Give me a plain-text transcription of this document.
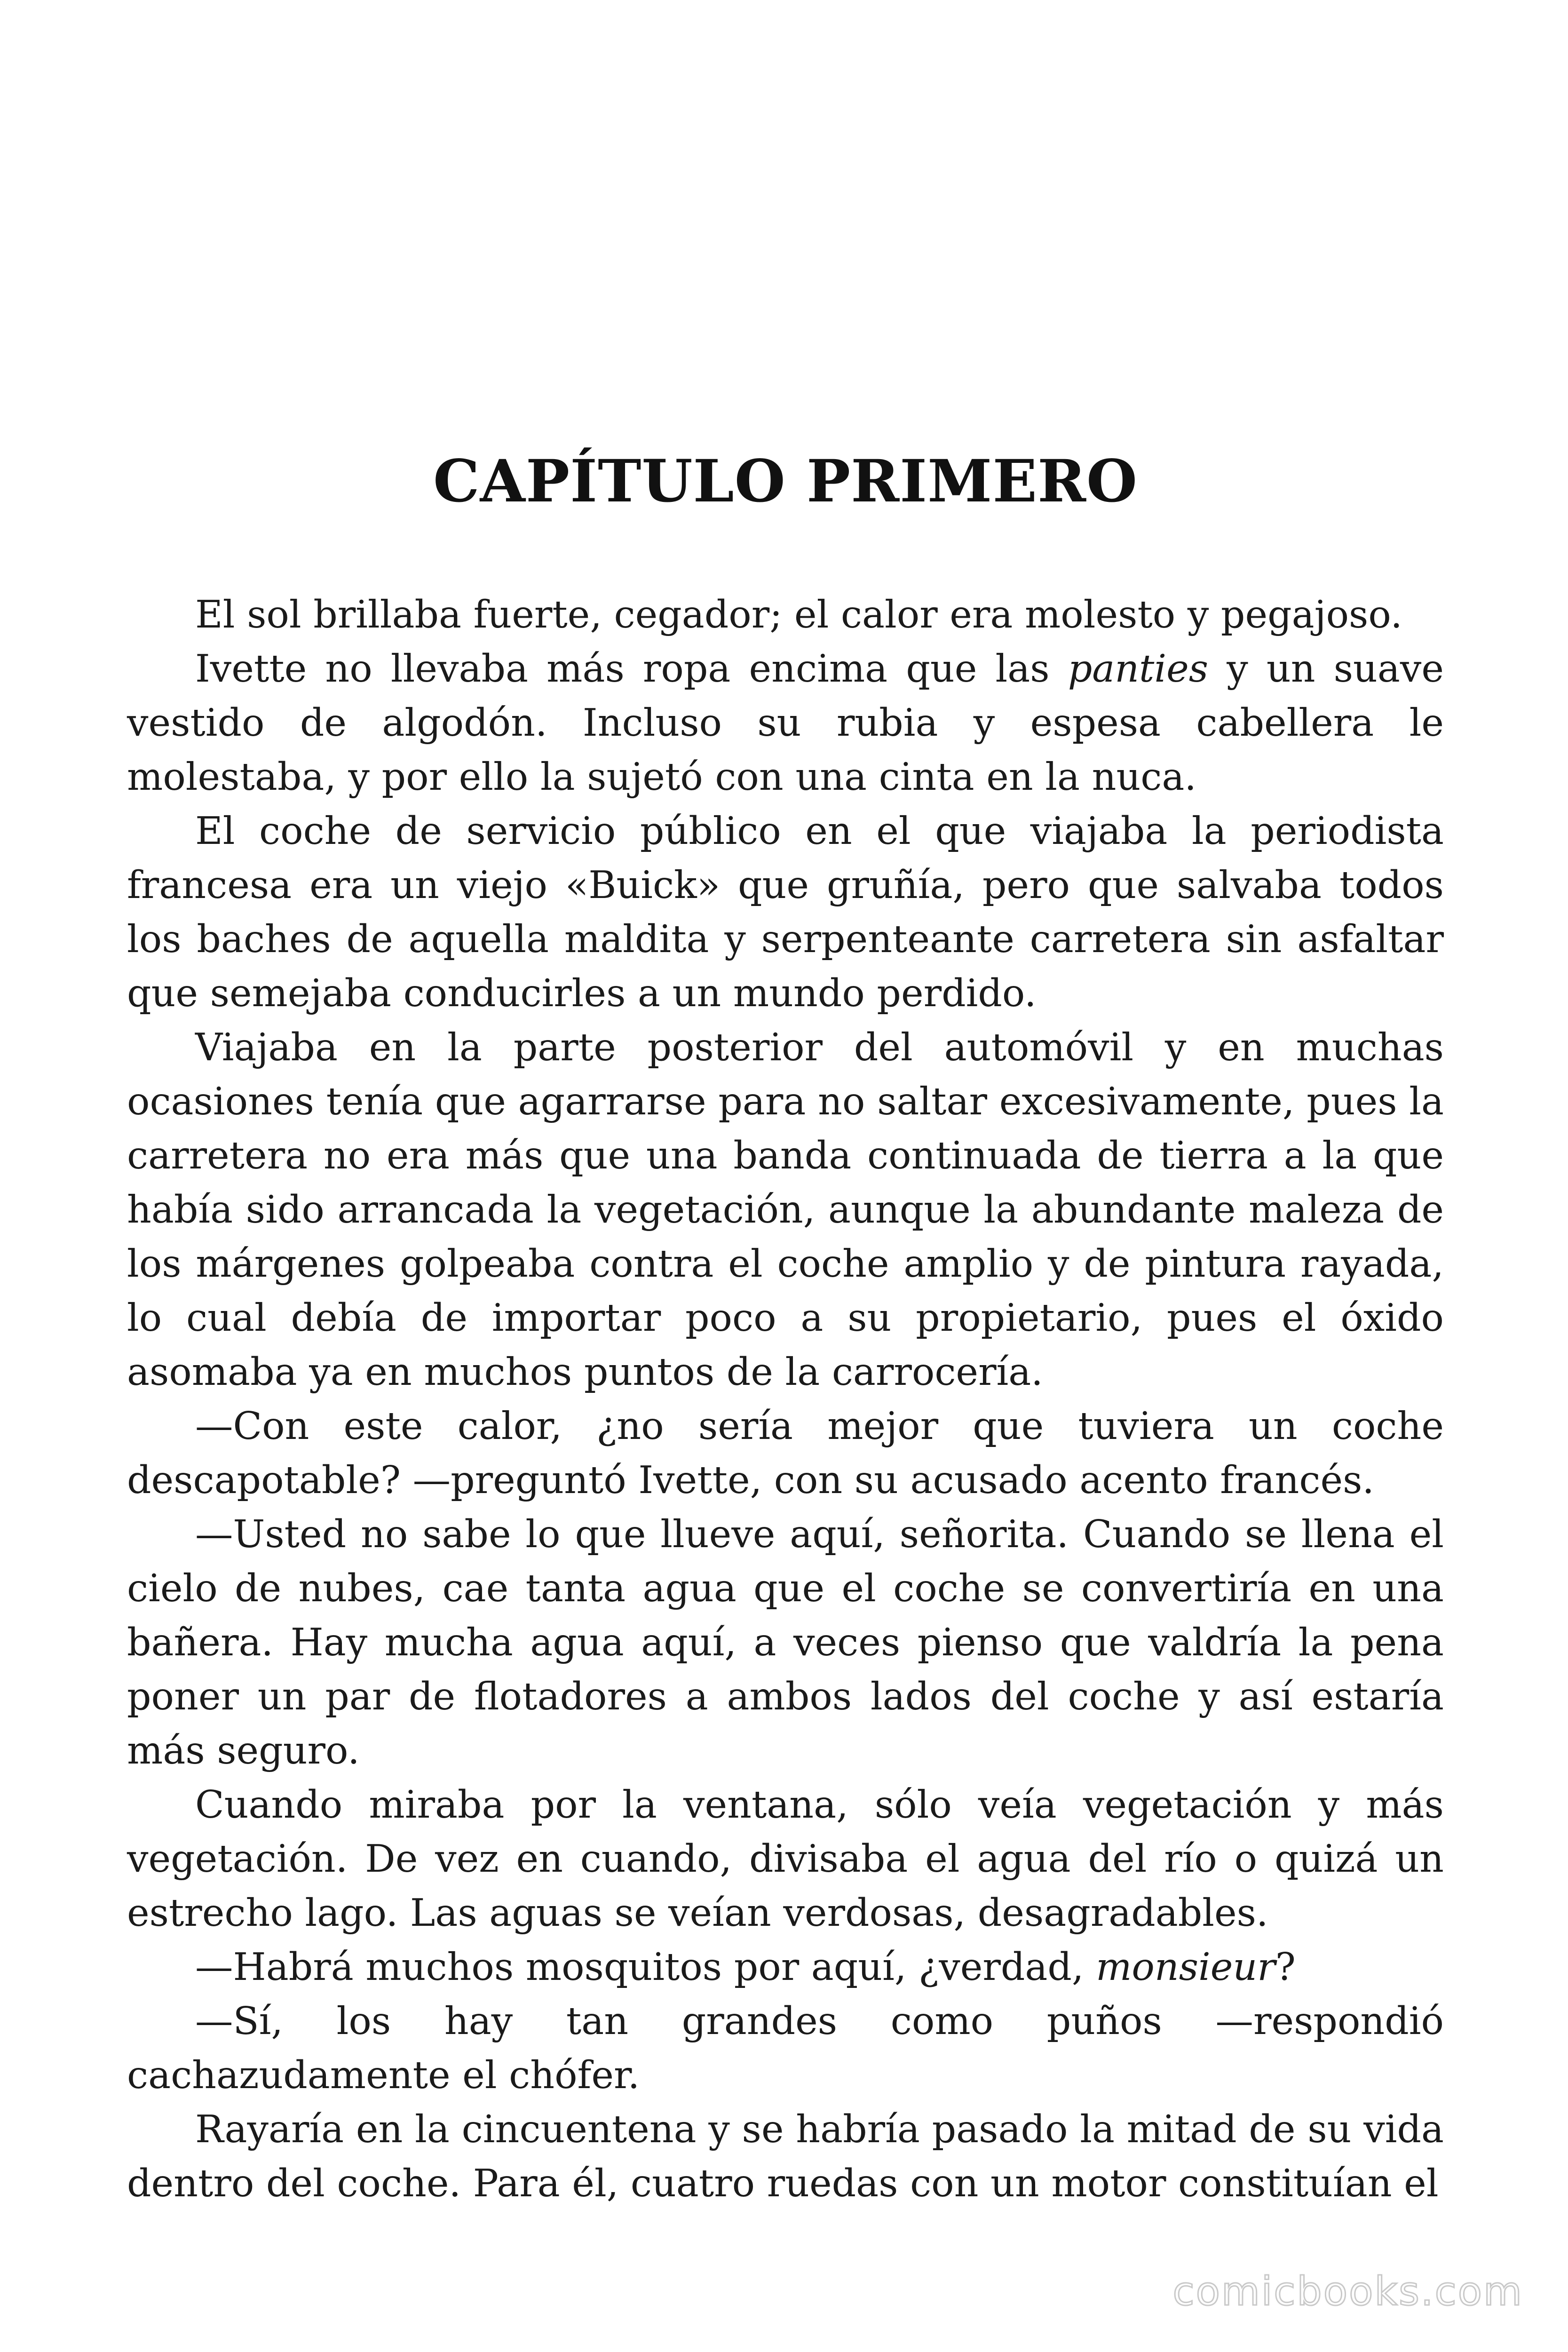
CAPÍTULO PRIMERO

El sol brillaba fuerte, cegador; el calor era molesto y pegajoso.

Ivette no llevaba más ropa encima que las panties y un suave vestido de algodón. Incluso su rubia y espesa cabellera le molestaba, y por ello la sujetó con una cinta en la nuca.

El coche de servicio público en el que viajaba la periodista francesa era un viejo «Buick» que gruñía, pero que salvaba todos los baches de aquella maldita y serpenteante carretera sin asfaltar que semejaba conducirles a un mundo perdido.

Viajaba en la parte posterior del automóvil y en muchas ocasiones tenía que agarrarse para no saltar excesivamente, pues la carretera no era más que una banda continuada de tierra a la que había sido arrancada la vegetación, aunque la abundante maleza de los márgenes golpeaba contra el coche amplio y de pintura rayada, lo cual debía de importar poco a su propietario, pues el óxido asomaba ya en muchos puntos de la carrocería.

—Con este calor, ¿no sería mejor que tuviera un coche descapotable? —preguntó Ivette, con su acusado acento francés.

—Usted no sabe lo que llueve aquí, señorita. Cuando se llena el cielo de nubes, cae tanta agua que el coche se convertiría en una bañera. Hay mucha agua aquí, a veces pienso que valdría la pena poner un par de flotadores a ambos lados del coche y así estaría más seguro.

Cuando miraba por la ventana, sólo veía vegetación y más vegetación. De vez en cuando, divisaba el agua del río o quizá un estrecho lago. Las aguas se veían verdosas, desagradables.

—Habrá muchos mosquitos por aquí, ¿verdad, monsieur?

—Sí, los hay tan grandes como puños —respondió cachazudamente el chófer.

Rayaría en la cincuentena y se habría pasado la mitad de su vida dentro del coche. Para él, cuatro ruedas con un motor constituían el

comicbooks.com
